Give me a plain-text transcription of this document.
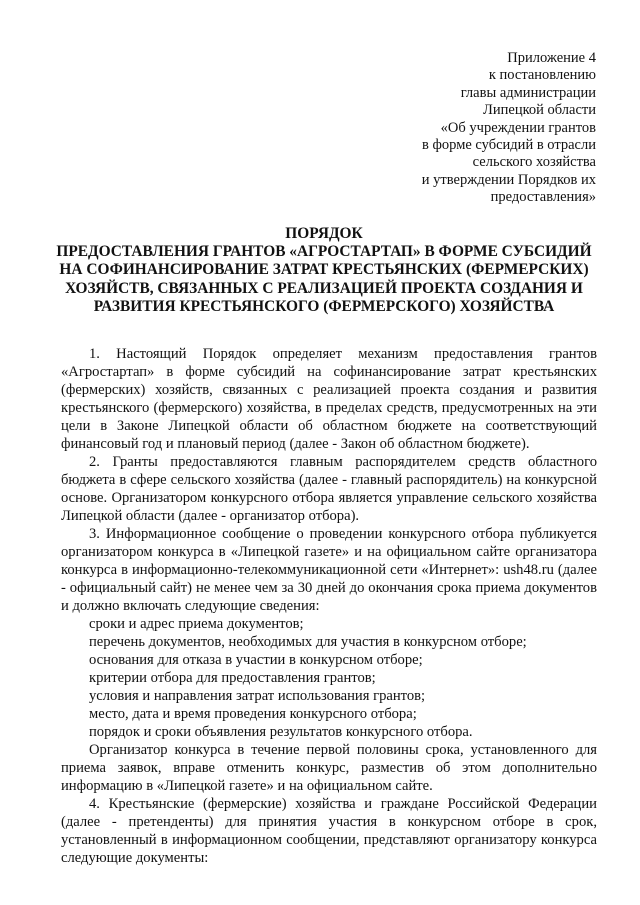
Приложение 4
к постановлению
главы администрации
Липецкой области
«Об учреждении грантов
в форме субсидий в отрасли
сельского хозяйства
и утверждении Порядков их
предоставления»
ПОРЯДОК
ПРЕДОСТАВЛЕНИЯ ГРАНТОВ «АГРОСТАРТАП» В ФОРМЕ СУБСИДИЙ
НА СОФИНАНСИРОВАНИЕ ЗАТРАТ КРЕСТЬЯНСКИХ (ФЕРМЕРСКИХ)
ХОЗЯЙСТВ, СВЯЗАННЫХ С РЕАЛИЗАЦИЕЙ ПРОЕКТА СОЗДАНИЯ И
РАЗВИТИЯ КРЕСТЬЯНСКОГО (ФЕРМЕРСКОГО) ХОЗЯЙСТВА

1. Настоящий Порядок определяет механизм предоставления грантов «Агростартап» в форме субсидий на софинансирование затрат крестьянских (фермерских) хозяйств, связанных с реализацией проекта создания и развития крестьянского (фермерского) хозяйства, в пределах средств, предусмотренных на эти цели в Законе Липецкой области об областном бюджете на соответствующий финансовый год и плановый период (далее - Закон об областном бюджете).

2. Гранты предоставляются главным распорядителем средств областного бюджета в сфере сельского хозяйства (далее - главный распорядитель) на конкурсной основе. Организатором конкурсного отбора является управление сельского хозяйства Липецкой области (далее - организатор отбора).

3. Информационное сообщение о проведении конкурсного отбора публикуется организатором конкурса в «Липецкой газете» и на официальном сайте организатора конкурса в информационно-телекоммуникационной сети «Интернет»: ush48.ru (далее - официальный сайт) не менее чем за 30 дней до окончания срока приема документов и должно включать следующие сведения:

сроки и адрес приема документов;

перечень документов, необходимых для участия в конкурсном отборе;

основания для отказа в участии в конкурсном отборе;

критерии отбора для предоставления грантов;

условия и направления затрат использования грантов;

место, дата и время проведения конкурсного отбора;

порядок и сроки объявления результатов конкурсного отбора.

Организатор конкурса в течение первой половины срока, установленного для приема заявок, вправе отменить конкурс, разместив об этом дополнительно информацию в «Липецкой газете» и на официальном сайте.

4. Крестьянские (фермерские) хозяйства и граждане Российской Федерации (далее - претенденты) для принятия участия в конкурсном отборе в срок, установленный в информационном сообщении, представляют организатору конкурса следующие документы:
